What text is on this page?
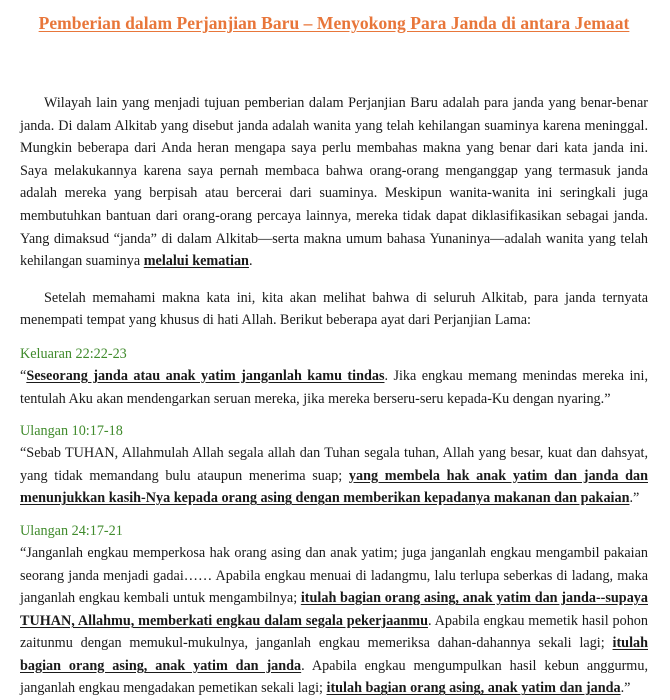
Pemberian dalam Perjanjian Baru – Menyokong Para Janda di antara Jemaat

Wilayah lain yang menjadi tujuan pemberian dalam Perjanjian Baru adalah para janda yang benar-benar janda. Di dalam Alkitab yang disebut janda adalah wanita yang telah kehilangan suaminya karena meninggal. Mungkin beberapa dari Anda heran mengapa saya perlu membahas makna yang benar dari kata janda ini. Saya melakukannya karena saya pernah membaca bahwa orang-orang menganggap yang termasuk janda adalah mereka yang berpisah atau bercerai dari suaminya. Meskipun wanita-wanita ini seringkali juga membutuhkan bantuan dari orang-orang percaya lainnya, mereka tidak dapat diklasifikasikan sebagai janda. Yang dimaksud “janda” di dalam Alkitab—serta makna umum bahasa Yunaninya—adalah wanita yang telah kehilangan suaminya melalui kematian.

Setelah memahami makna kata ini, kita akan melihat bahwa di seluruh Alkitab, para janda ternyata menempati tempat yang khusus di hati Allah. Berikut beberapa ayat dari Perjanjian Lama:

Keluaran 22:22-23

“Seseorang janda atau anak yatim janganlah kamu tindas. Jika engkau memang menindas mereka ini, tentulah Aku akan mendengarkan seruan mereka, jika mereka berseru-seru kepada-Ku dengan nyaring.”

Ulangan 10:17-18

“Sebab TUHAN, Allahmulah Allah segala allah dan Tuhan segala tuhan, Allah yang besar, kuat dan dahsyat, yang tidak memandang bulu ataupun menerima suap; yang membela hak anak yatim dan janda dan menunjukkan kasih-Nya kepada orang asing dengan memberikan kepadanya makanan dan pakaian.”

Ulangan 24:17-21

“Janganlah engkau memperkosa hak orang asing dan anak yatim; juga janganlah engkau mengambil pakaian seorang janda menjadi gadai…… Apabila engkau menuai di ladangmu, lalu terlupa seberkas di ladang, maka janganlah engkau kembali untuk mengambilnya; itulah bagian orang asing, anak yatim dan janda--supaya TUHAN, Allahmu, memberkati engkau dalam segala pekerjaanmu. Apabila engkau memetik hasil pohon zaitunmu dengan memukul-mukulnya, janganlah engkau memeriksa dahan-dahannya sekali lagi; itulah bagian orang asing, anak yatim dan janda. Apabila engkau mengumpulkan hasil kebun anggurmu, janganlah engkau mengadakan pemetikan sekali lagi; itulah bagian orang asing, anak yatim dan janda.”
